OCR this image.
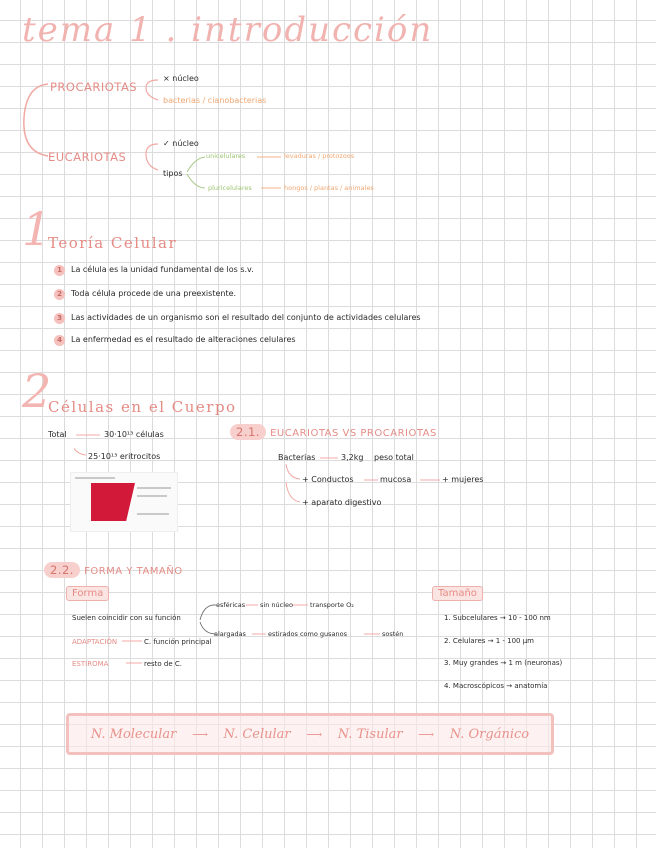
tema 1 . introducción
PROCARIOTAS
× núcleo
bacterias / cianobacterias
EUCARIOTAS
✓ núcleo
tipos
unicelulares	levaduras / protozoos
pluricelulares	hongos / plantas / animales
1
Teoría Celular
1 La célula es la unidad fundamental de los s.v.
2 Toda célula procede de una preexistente.
3 Las actividades de un organismo son el resultado del conjunto de actividades celulares
4 La enfermedad es el resultado de alteraciones celulares
2
Células en el Cuerpo
Total	30·10¹³ células
25·10¹³ eritrocitos
2.1. EUCARIOTAS VS PROCARIOTAS
Bacterias	3,2kg peso total
+ Conductos	mucosa	+ mujeres
+ aparato digestivo
2.2. FORMA Y TAMAÑO
Forma
Suelen coincidir con su función
esféricas sin núcleo	transporte O₂
alargadas	estirados como gusanos	sostén
ADAPTACIÓN	C. función principal
ESTIROMA	resto de C.
Tamaño
1. Subcelulares → 10 - 100 nm
2. Celulares → 1 - 100 µm
3. Muy grandes → 1 m (neuronas)
4. Macroscópicos → anatomía
N. Molecular ⟶ N. Celular ⟶ N. Tisular ⟶ N. Orgánico
